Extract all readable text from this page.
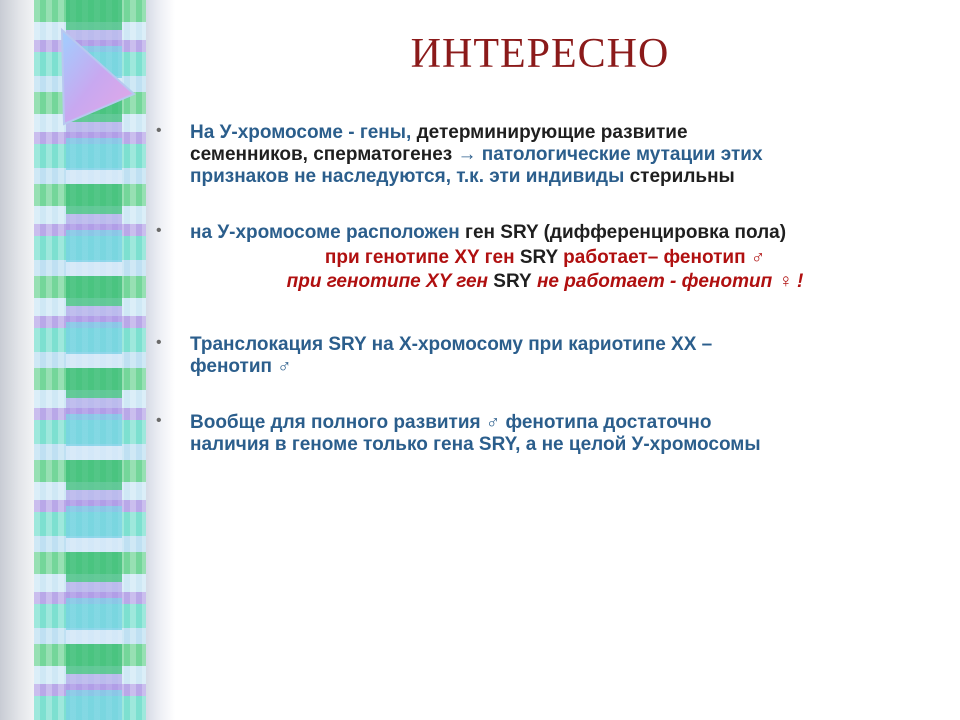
ИНТЕРЕСНО
• На У-хромосоме - гены, детерминирующие развитие
семенников, сперматогенез → патологические мутации этих
признаков не наследуются, т.к. эти индивиды стерильны
• на У-хромосоме расположен ген SRY (дифференцировка пола)
при генотипе XY ген SRY работает– фенотип ♂
при генотипе XY ген SRY не работает - фенотип ♀ !
• Транслокация SRY на X-хромосому при кариотипе ХХ –
фенотип ♂
• Вообще для полного развития ♂ фенотипа достаточно
наличия в геноме только гена SRY, а не целой У-хромосомы
